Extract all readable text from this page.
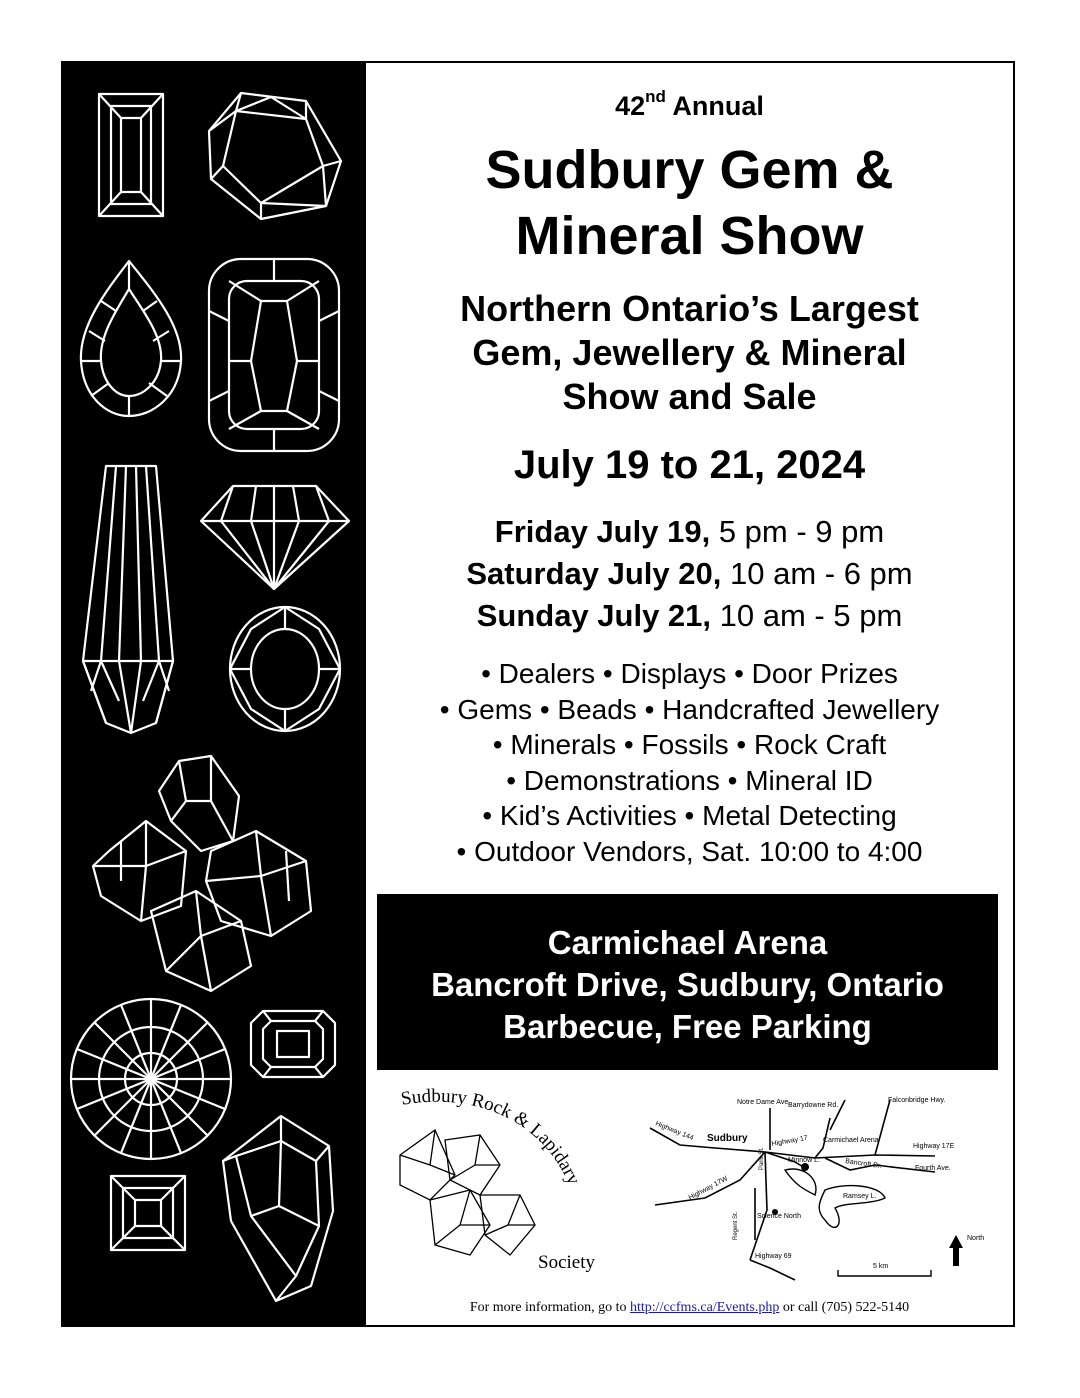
42nd Annual
Sudbury Gem &
Mineral Show
Northern Ontario’s Largest
Gem, Jewellery & Mineral
Show and Sale
July 19 to 21, 2024
Friday July 19, 5 pm - 9 pm
Saturday July 20, 10 am - 6 pm
Sunday July 21, 10 am - 5 pm
• Dealers • Displays • Door Prizes
• Gems • Beads • Handcrafted Jewellery
• Minerals • Fossils • Rock Craft
• Demonstrations • Mineral ID
• Kid’s Activities • Metal Detecting
• Outdoor Vendors, Sat. 10:00 to 4:00
Carmichael Arena
Bancroft Drive, Sudbury, Ontario
Barbecue, Free Parking
Sudbury Rock & Lapidary
Society
Notre Dame Ave.
Barrydowne Rd.
Falconbridge Hwy.
Highway 144 Sudbury	Highway 17 Carmichael Arena
Highway 17E
Minnow L.	Bancroft Dr.	Fourth Ave.
Highway 17W
Paris St.
Ramsey L.
Regent St.	Science North
Highway 69
5 km
North
For more information, go to http://ccfms.ca/Events.php or call (705) 522-5140
